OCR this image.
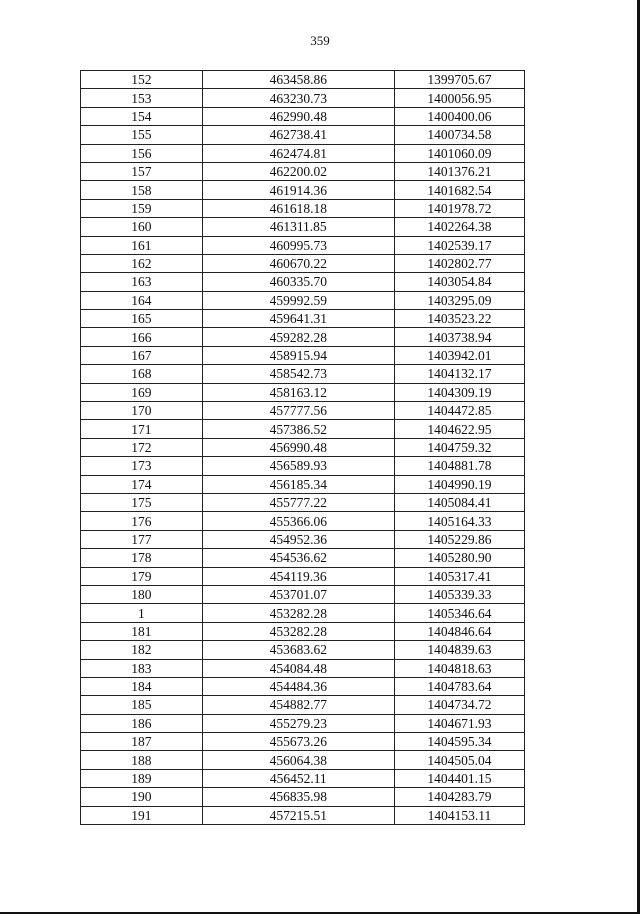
359
152	463458.86	1399705.67
153	463230.73	1400056.95
154	462990.48	1400400.06
155	462738.41	1400734.58
156	462474.81	1401060.09
157	462200.02	1401376.21
158	461914.36	1401682.54
159	461618.18	1401978.72
160	461311.85	1402264.38
161	460995.73	1402539.17
162	460670.22	1402802.77
163	460335.70	1403054.84
164	459992.59	1403295.09
165	459641.31	1403523.22
166	459282.28	1403738.94
167	458915.94	1403942.01
168	458542.73	1404132.17
169	458163.12	1404309.19
170	457777.56	1404472.85
171	457386.52	1404622.95
172	456990.48	1404759.32
173	456589.93	1404881.78
174	456185.34	1404990.19
175	455777.22	1405084.41
176	455366.06	1405164.33
177	454952.36	1405229.86
178	454536.62	1405280.90
179	454119.36	1405317.41
180	453701.07	1405339.33
1	453282.28	1405346.64
181	453282.28	1404846.64
182	453683.62	1404839.63
183	454084.48	1404818.63
184	454484.36	1404783.64
185	454882.77	1404734.72
186	455279.23	1404671.93
187	455673.26	1404595.34
188	456064.38	1404505.04
189	456452.11	1404401.15
190	456835.98	1404283.79
191	457215.51	1404153.11
